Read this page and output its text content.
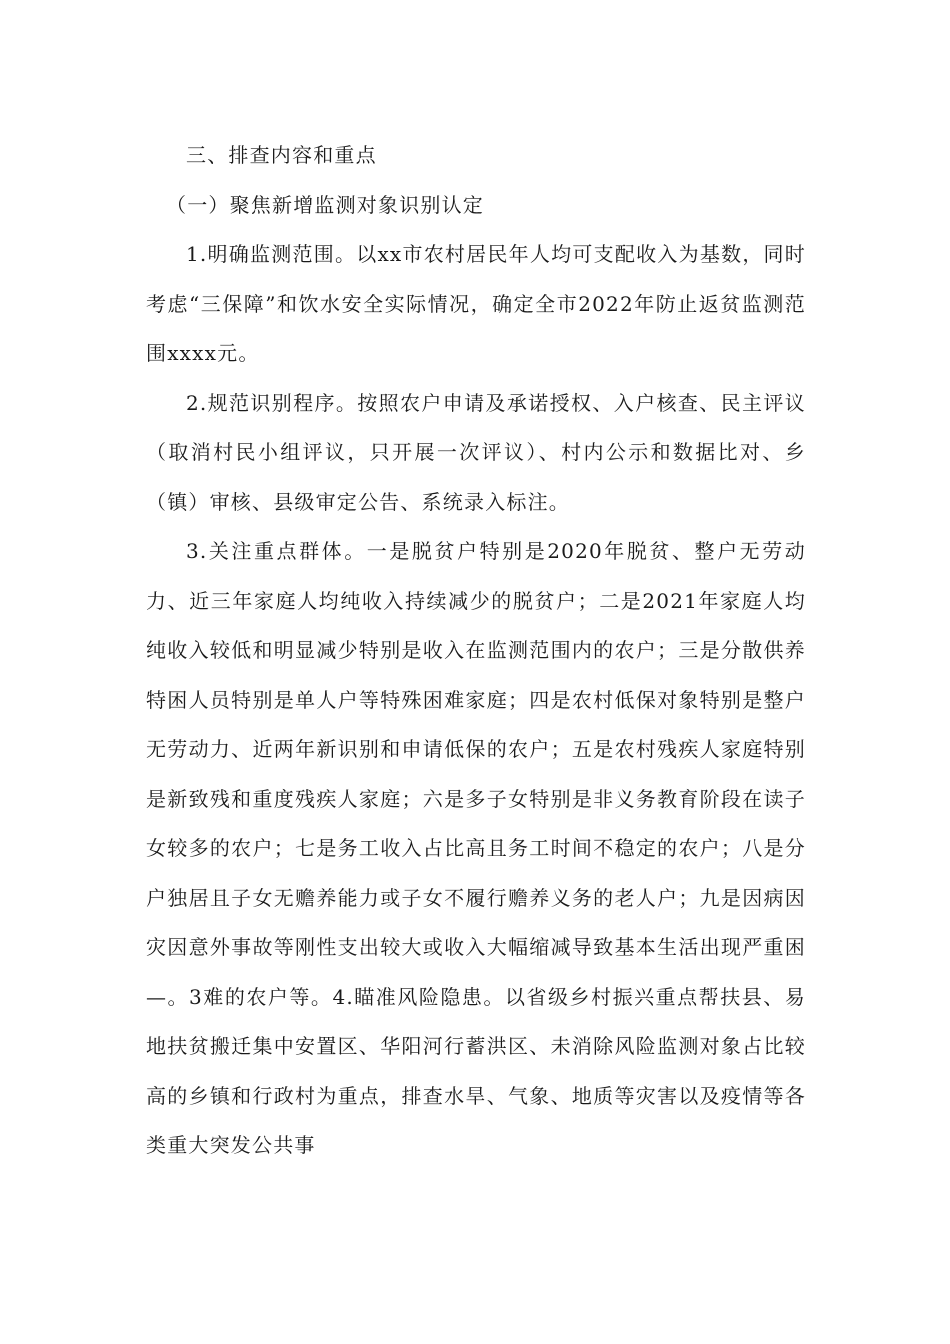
三、排查内容和重点

（一）聚焦新增监测对象识别认定

1.明确监测范围。以xx市农村居民年人均可支配收入为基数，同时考虑“三保障”和饮水安全实际情况，确定全市2022年防止返贫监测范围xxxx元。

2.规范识别程序。按照农户申请及承诺授权、入户核查、民主评议（取消村民小组评议，只开展一次评议）、村内公示和数据比对、乡（镇）审核、县级审定公告、系统录入标注。

3.关注重点群体。一是脱贫户特别是2020年脱贫、整户无劳动力、近三年家庭人均纯收入持续减少的脱贫户；二是2021年家庭人均纯收入较低和明显减少特别是收入在监测范围内的农户；三是分散供养特困人员特别是单人户等特殊困难家庭；四是农村低保对象特别是整户无劳动力、近两年新识别和申请低保的农户；五是农村残疾人家庭特别是新致残和重度残疾人家庭；六是多子女特别是非义务教育阶段在读子女较多的农户；七是务工收入占比高且务工时间不稳定的农户；八是分户独居且子女无赡养能力或子女不履行赡养义务的老人户；九是因病因灾因意外事故等刚性支出较大或收入大幅缩减导致基本生活出现严重困—。3难的农户等。4.瞄准风险隐患。以省级乡村振兴重点帮扶县、易地扶贫搬迁集中安置区、华阳河行蓄洪区、未消除风险监测对象占比较高的乡镇和行政村为重点，排查水旱、气象、地质等灾害以及疫情等各类重大突发公共事
